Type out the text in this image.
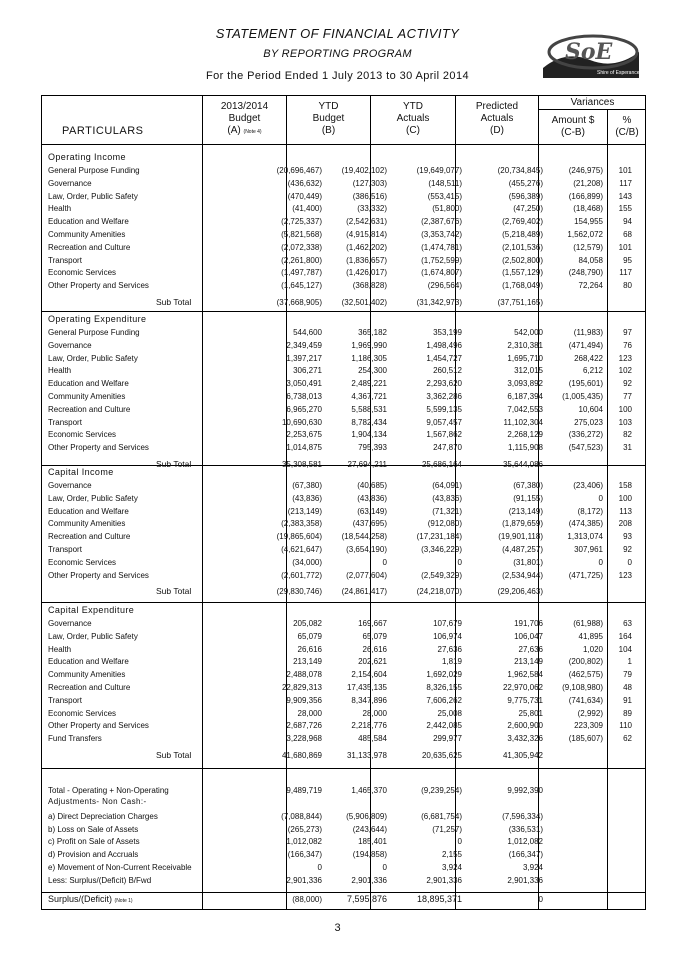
STATEMENT OF FINANCIAL ACTIVITY
BY REPORTING PROGRAM
For the Period Ended 1 July 2013 to 30 April 2014
SoE
Shire of Esperance
PARTICULARS
2013/2014
Budget
(A) (Note 4)
YTD
Budget
(B)
YTD
Actuals
(C)
Predicted
Actuals
(D)
Variances
Amount $
(C-B)
%
(C/B)
Operating Income
General Purpose Funding	(20,696,467)	(19,402,102)	(19,649,077)	(20,734,845)	(246,975)	101
Governance	(436,632)	(127,303)	(148,511)	(455,276)	(21,208)	117
Law, Order, Public Safety	(470,449)	(386,516)	(553,415)	(596,389)	(166,899)	143
Health	(41,400)	(33,332)	(51,800)	(47,250)	(18,468)	155
Education and Welfare	(2,725,337)	(2,542,631)	(2,387,676)	(2,769,402)	154,955	94
Community Amenities	(5,821,568)	(4,915,814)	(3,353,742)	(5,218,489)	1,562,072	68
Recreation and Culture	(2,072,338)	(1,462,202)	(1,474,781)	(2,101,536)	(12,579)	101
Transport	(2,261,800)	(1,836,657)	(1,752,599)	(2,502,800)	84,058	95
Economic Services	(1,497,787)	(1,426,017)	(1,674,807)	(1,557,129)	(248,790)	117
Other Property and Services	(1,645,127)	(368,828)	(296,564)	(1,768,049)	72,264	80
Sub Total	(37,668,905)	(32,501,402)	(31,342,973)	(37,751,165)
Operating Expenditure
General Purpose Funding	544,600	365,182	353,199	542,000	(11,983)	97
Governance	2,349,459	1,969,990	1,498,496	2,310,381	(471,494)	76
Law, Order, Public Safety	1,397,217	1,186,305	1,454,727	1,695,710	268,422	123
Health	306,271	254,300	260,512	312,015	6,212	102
Education and Welfare	3,050,491	2,489,221	2,293,620	3,093,892	(195,601)	92
Community Amenities	6,738,013	4,367,721	3,362,286	6,187,394	(1,005,435)	77
Recreation and Culture	6,965,270	5,588,531	5,599,135	7,042,553	10,604	100
Transport	10,690,630	8,782,434	9,057,457	11,102,304	275,023	103
Economic Services	2,253,675	1,904,134	1,567,862	2,268,129	(336,272)	82
Other Property and Services	1,014,875	795,393	247,870	1,115,908	(547,523)	31
Sub Total	35,308,581	27,694,211	25,686,164	35,644,086
Capital Income
Governance	(67,380)	(40,685)	(64,091)	(67,380)	(23,406)	158
Law, Order, Public Safety	(43,836)	(43,836)	(43,836)	(91,155)	0	100
Education and Welfare	(213,149)	(63,149)	(71,321)	(213,149)	(8,172)	113
Community Amenities	(2,383,358)	(437,695)	(912,080)	(1,879,659)	(474,385)	208
Recreation and Culture	(19,865,604)	(18,544,258)	(17,231,184)	(19,901,118)	1,313,074	93
Transport	(4,621,647)	(3,654,190)	(3,346,229)	(4,487,257)	307,961	92
Economic Services	(34,000)	0	0	(31,801)	0	0
Other Property and Services	(2,601,772)	(2,077,604)	(2,549,329)	(2,534,944)	(471,725)	123
Sub Total	(29,830,746)	(24,861,417)	(24,218,070)	(29,206,463)
Capital Expenditure
Governance	205,082	169,667	107,679	191,706	(61,988)	63
Law, Order, Public Safety	65,079	65,079	106,974	106,047	41,895	164
Health	26,616	26,616	27,636	27,636	1,020	104
Education and Welfare	213,149	202,621	1,819	213,149	(200,802)	1
Community Amenities	2,488,078	2,154,604	1,692,029	1,962,584	(462,575)	79
Recreation and Culture	22,829,313	17,435,135	8,326,155	22,970,062	(9,108,980)	48
Transport	9,909,356	8,347,896	7,606,262	9,775,731	(741,634)	91
Economic Services	28,000	28,000	25,008	25,801	(2,992)	89
Other Property and Services	2,687,726	2,218,776	2,442,085	2,600,900	223,309	110
Fund Transfers	3,228,968	485,584	299,977	3,432,326	(185,607)	62
Sub Total	41,680,869	31,133,978	20,635,625	41,305,942
Total - Operating + Non-Operating	9,489,719	1,465,370	(9,239,254)	9,992,390
Adjustments- Non Cash:-
a) Direct Depreciation Charges	(7,088,844)	(5,906,809)	(6,681,754)	(7,596,334)
b) Loss on Sale of Assets	(265,273)	(243,644)	(71,257)	(336,531)
c) Profit on Sale of Assets	1,012,082	185,401	0	1,012,082
d) Provision and Accruals	(166,347)	(194,858)	2,155	(166,347)
e) Movement of Non-Current Receivable	0	0	3,924	3,924
Less: Surplus/(Deficit) B/Fwd	2,901,336	2,901,336	2,901,336	2,901,336
Surplus/(Deficit) (Note 1)	(88,000)	7,595,876	18,895,371	0
3
